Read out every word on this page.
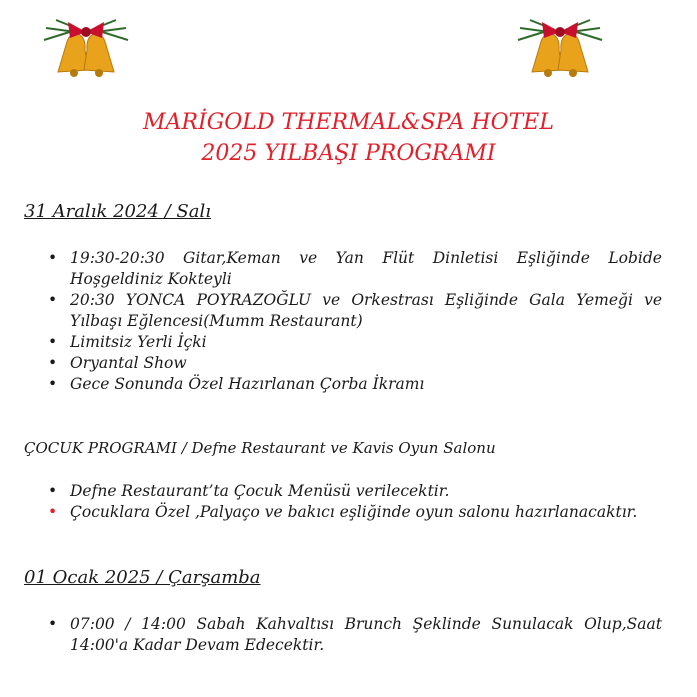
MARİGOLD THERMAL&SPA HOTEL
2025 YILBAŞI PROGRAMI
31 Aralık 2024 / Salı
• 19:30-20:30 Gitar,Keman ve Yan Flüt Dinletisi Eşliğinde Lobide Hoşgeldiniz Kokteyli
• 20:30 YONCA POYRAZOĞLU ve Orkestrası Eşliğinde Gala Yemeği ve Yılbaşı Eğlencesi(Mumm Restaurant)
• Limitsiz Yerli İçki
• Oryantal Show
• Gece Sonunda Özel Hazırlanan Çorba İkramı
ÇOCUK PROGRAMI / Defne Restaurant ve Kavis Oyun Salonu
• Defne Restaurant’ta Çocuk Menüsü verilecektir.
• Çocuklara Özel ,Palyaço ve bakıcı eşliğinde oyun salonu hazırlanacaktır.
01 Ocak 2025 / Çarşamba
• 07:00 / 14:00 Sabah Kahvaltısı Brunch Şeklinde Sunulacak Olup,Saat 14:00'a Kadar Devam Edecektir.
